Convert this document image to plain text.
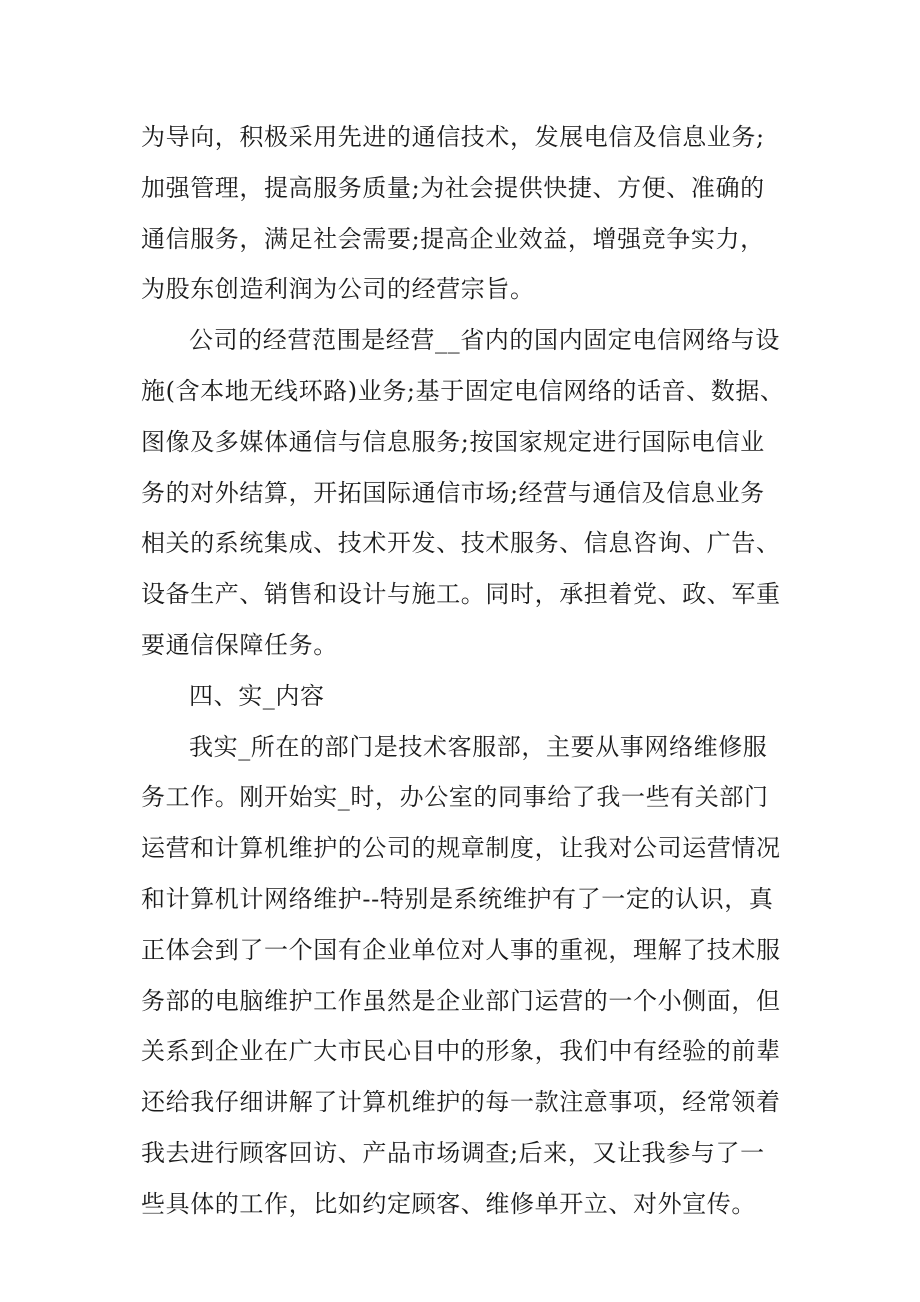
为导向，积极采用先进的通信技术，发展电信及信息业务;
加强管理，提高服务质量;为社会提供快捷、方便、准确的
通信服务，满足社会需要;提高企业效益，增强竞争实力，
为股东创造利润为公司的经营宗旨。
公司的经营范围是经营__省内的国内固定电信网络与设
施(含本地无线环路)业务;基于固定电信网络的话音、数据、
图像及多媒体通信与信息服务;按国家规定进行国际电信业
务的对外结算，开拓国际通信市场;经营与通信及信息业务
相关的系统集成、技术开发、技术服务、信息咨询、广告、
设备生产、销售和设计与施工。同时，承担着党、政、军重
要通信保障任务。
四、实_内容
我实_所在的部门是技术客服部，主要从事网络维修服
务工作。刚开始实_时，办公室的同事给了我一些有关部门
运营和计算机维护的公司的规章制度，让我对公司运营情况
和计算机计网络维护--特别是系统维护有了一定的认识，真
正体会到了一个国有企业单位对人事的重视，理解了技术服
务部的电脑维护工作虽然是企业部门运营的一个小侧面，但
关系到企业在广大市民心目中的形象，我们中有经验的前辈
还给我仔细讲解了计算机维护的每一款注意事项，经常领着
我去进行顾客回访、产品市场调查;后来，又让我参与了一
些具体的工作，比如约定顾客、维修单开立、对外宣传。
